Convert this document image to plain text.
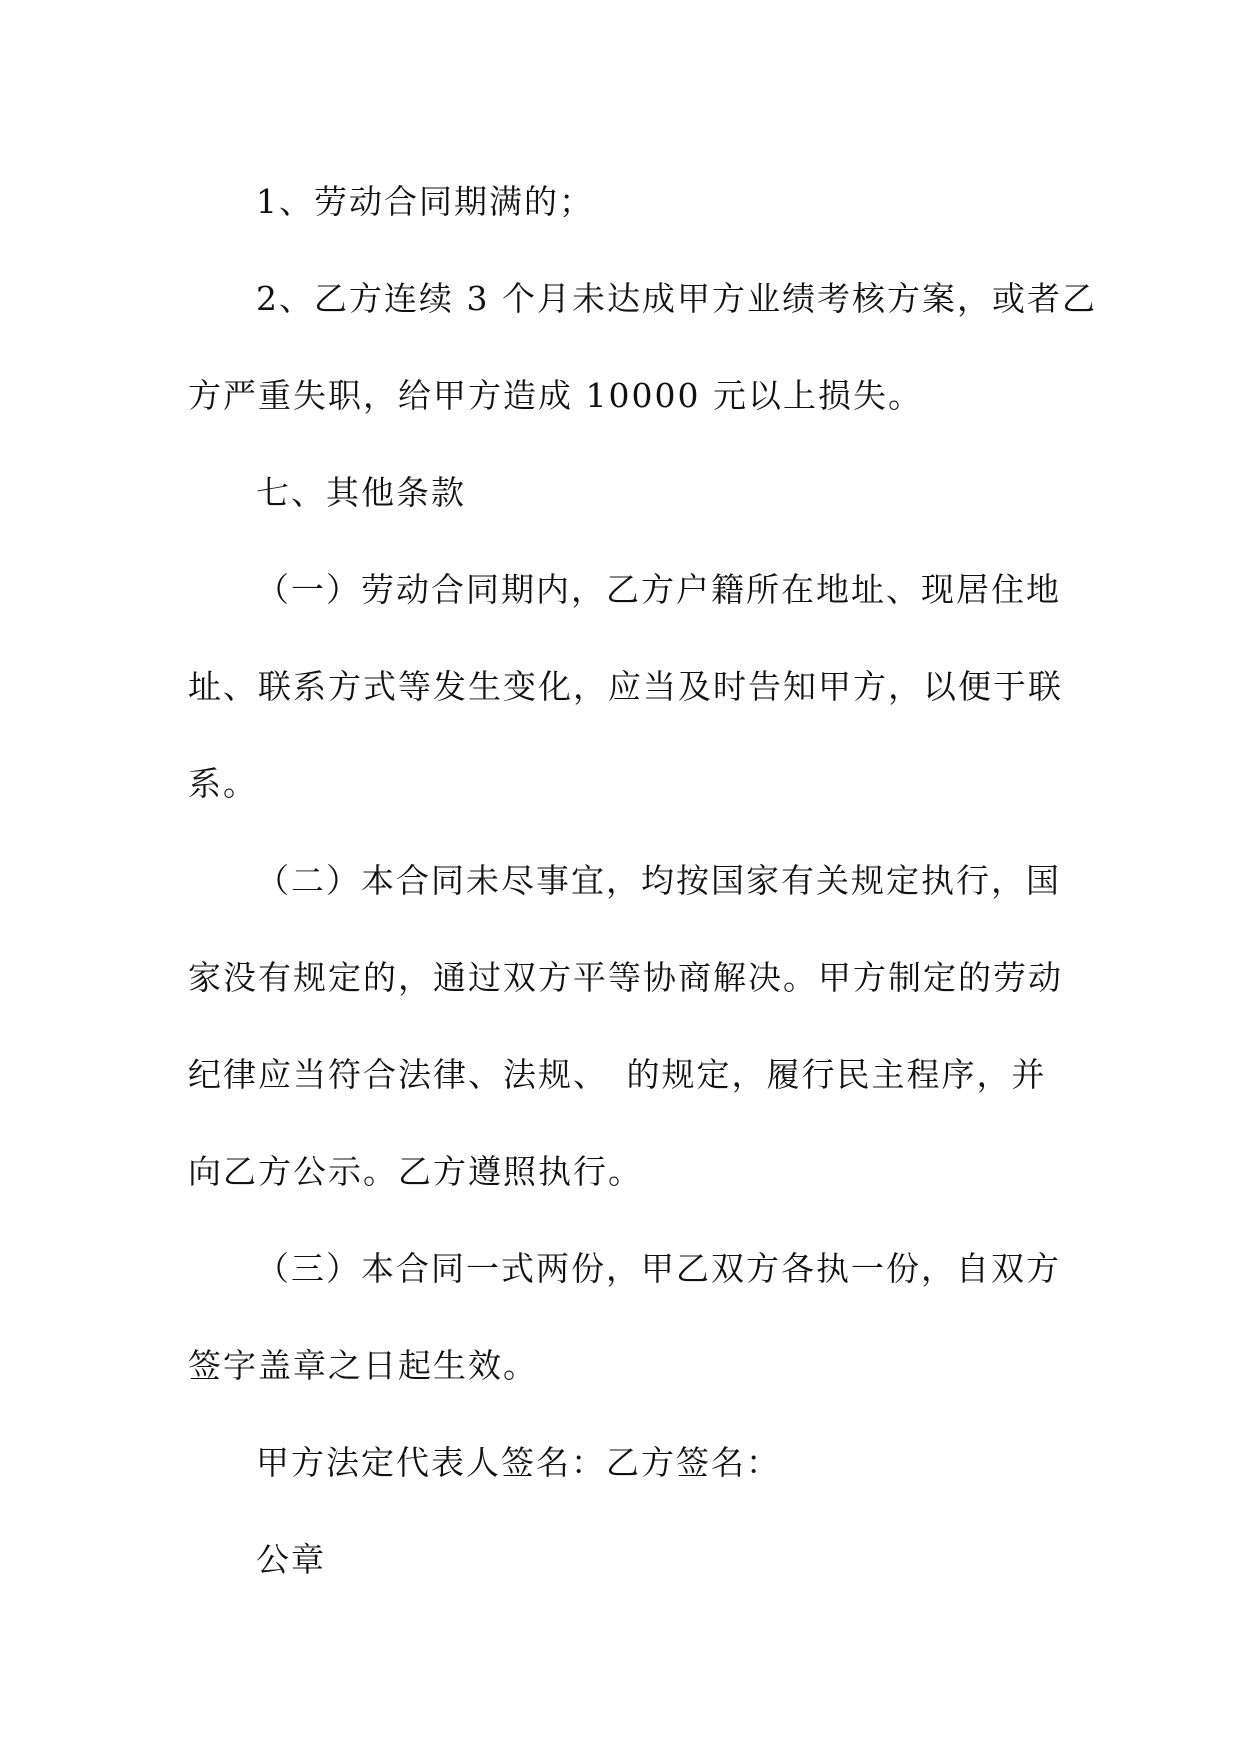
1、劳动合同期满的；
2、乙方连续 3 个月未达成甲方业绩考核方案，或者乙
方严重失职，给甲方造成 10000 元以上损失。
七、其他条款
（一）劳动合同期内，乙方户籍所在地址、现居住地
址、联系方式等发生变化，应当及时告知甲方，以便于联
系。
（二）本合同未尽事宜，均按国家有关规定执行，国
家没有规定的，通过双方平等协商解决。甲方制定的劳动
纪律应当符合法律、法规、　的规定，履行民主程序，并
向乙方公示。乙方遵照执行。
（三）本合同一式两份，甲乙双方各执一份，自双方
签字盖章之日起生效。
甲方法定代表人签名：乙方签名：
公章
